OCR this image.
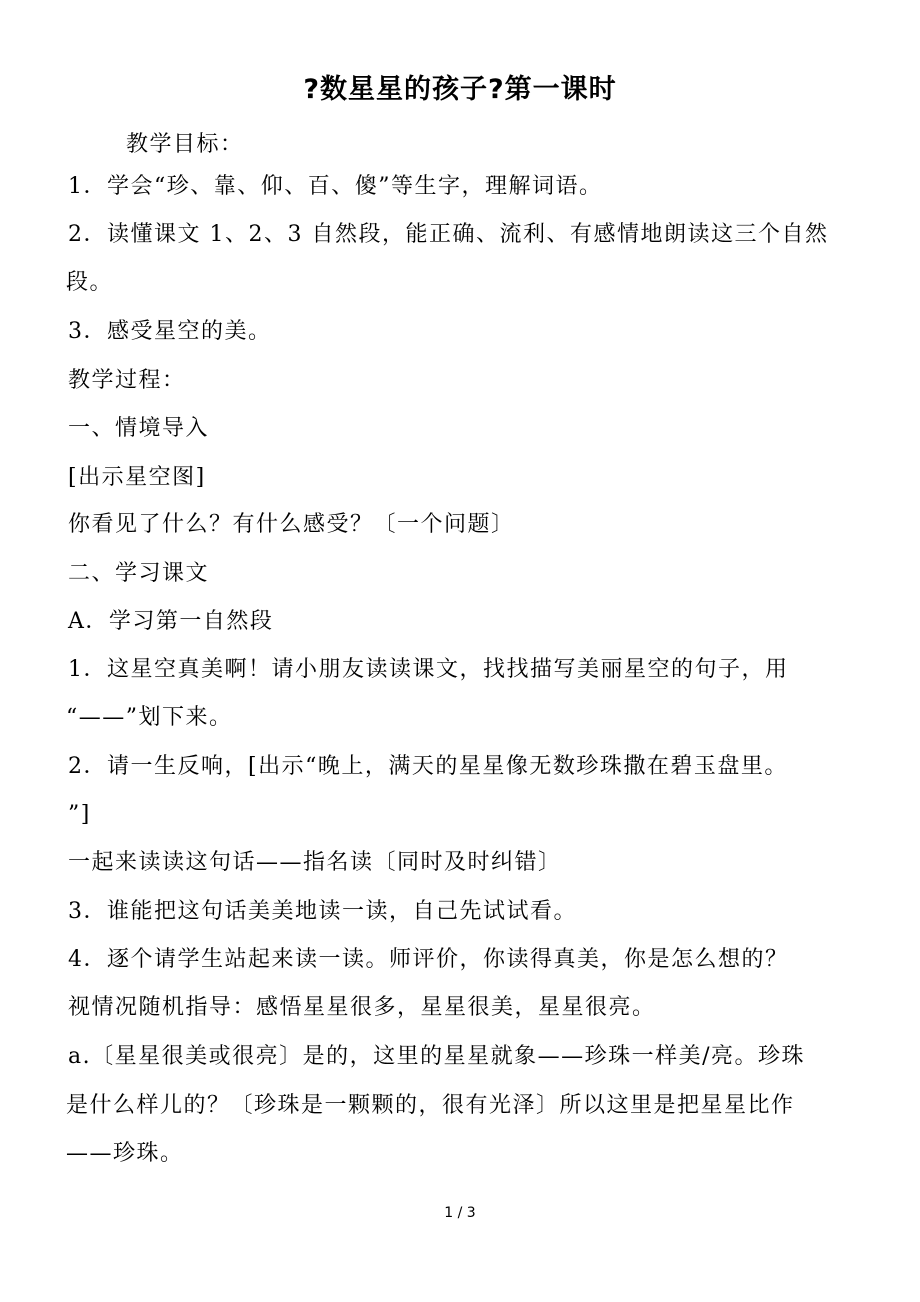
?数星星的孩子?第一课时
教学目标：
1．学会“珍、靠、仰、百、傻”等生字，理解词语。
2．读懂课文 1、2、3 自然段，能正确、流利、有感情地朗读这三个自然
段。
3．感受星空的美。
教学过程：
一、情境导入
[出示星空图]
你看见了什么？有什么感受？〔一个问题〕
二、学习课文
A．学习第一自然段
1．这星空真美啊！请小朋友读读课文，找找描写美丽星空的句子，用
“——”划下来。
2．请一生反响，[出示“晚上，满天的星星像无数珍珠撒在碧玉盘里。
”]
一起来读读这句话——指名读〔同时及时纠错〕
3．谁能把这句话美美地读一读，自己先试试看。
4．逐个请学生站起来读一读。师评价，你读得真美，你是怎么想的？
视情况随机指导：感悟星星很多，星星很美，星星很亮。
a.〔星星很美或很亮〕是的，这里的星星就象——珍珠一样美/亮。珍珠
是什么样儿的？〔珍珠是一颗颗的，很有光泽〕所以这里是把星星比作
——珍珠。
1 / 3
